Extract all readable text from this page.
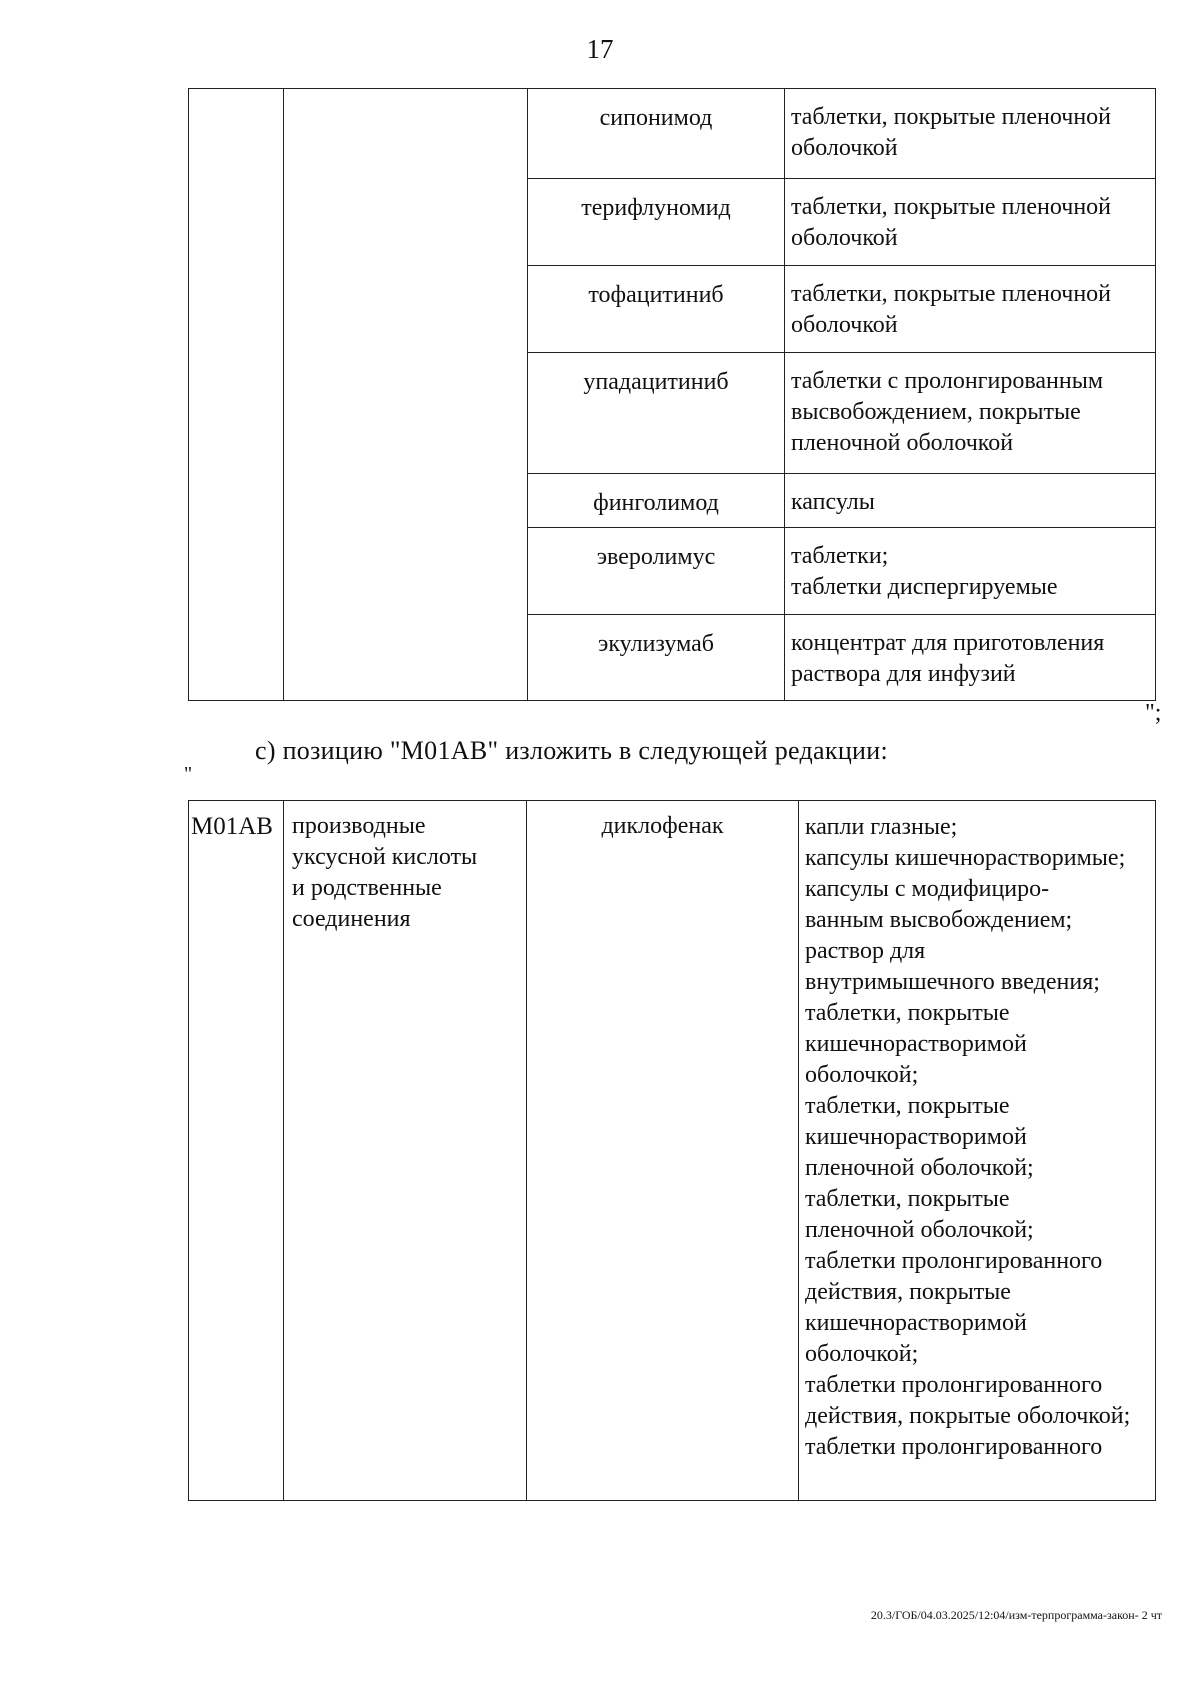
17
		сипонимод	таблетки, покрытые пленочной
оболочкой

		терифлуномид	таблетки, покрытые пленочной
оболочкой

		тофацитиниб	таблетки, покрытые пленочной
оболочкой

		упадацитиниб	таблетки с пролонгированным
высвобождением, покрытые
пленочной оболочкой

		финголимод	капсулы

		эверолимус	таблетки;
таблетки диспергируемые

		экулизумаб	концентрат для приготовления
раствора для инфузий
";
с) позицию "M01AB" изложить в следующей редакции:
"
M01AB	производные
уксусной кислоты
и родственные
соединения
	диклофенак	капли глазные;
капсулы кишечнорастворимые;
капсулы с модифициро-
ванным высвобождением;
раствор для
внутримышечного введения;
таблетки, покрытые
кишечнорастворимой
оболочкой;
таблетки, покрытые
кишечнорастворимой
пленочной оболочкой;
таблетки, покрытые
пленочной оболочкой;
таблетки пролонгированного
действия, покрытые
кишечнорастворимой
оболочкой;
таблетки пролонгированного
действия, покрытые оболочкой;
таблетки пролонгированного
20.3/ГОБ/04.03.2025/12:04/изм-терпрограмма-закон- 2 чт
